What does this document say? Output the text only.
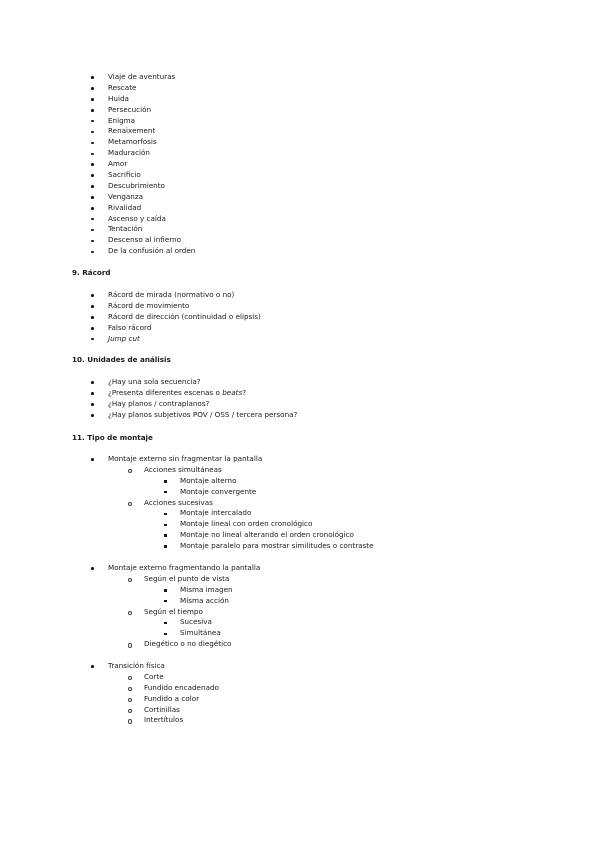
Viaje de aventuras
Rescate
Huida
Persecución
Enigma
Renaixement
Metamorfosis
Maduración
Amor
Sacrificio
Descubrimiento
Venganza
Rivalidad
Ascenso y caída
Tentación
Descenso al infierno
De la confusión al orden
9. Rácord
Rácord de mirada (normativo o no)
Rácord de movimiento
Rácord de dirección (continuidad o elipsis)
Falso rácord
Jump cut
10. Unidades de análisis
¿Hay una sola secuencia?
¿Presenta diferentes escenas o beats?
¿Hay planos / contraplanos?
¿Hay planos subjetivos POV / OSS / tercera persona?
11. Tipo de montaje
Montaje externo sin fragmentar la pantalla
Acciones simultáneas
Montaje alterno
Montaje convergente
Acciones sucesivas
Montaje intercalado
Montaje lineal con orden cronológico
Montaje no lineal alterando el orden cronológico
Montaje paralelo para mostrar similitudes o contraste
Montaje externo fragmentando la pantalla
Según el punto de vista
Misma imagen
Misma acción
Según el tiempo
Sucesiva
Simultánea
Diegético o no diegético
Transición física
Corte
Fundido encadenado
Fundido a color
Cortinillas
Intertítulos
